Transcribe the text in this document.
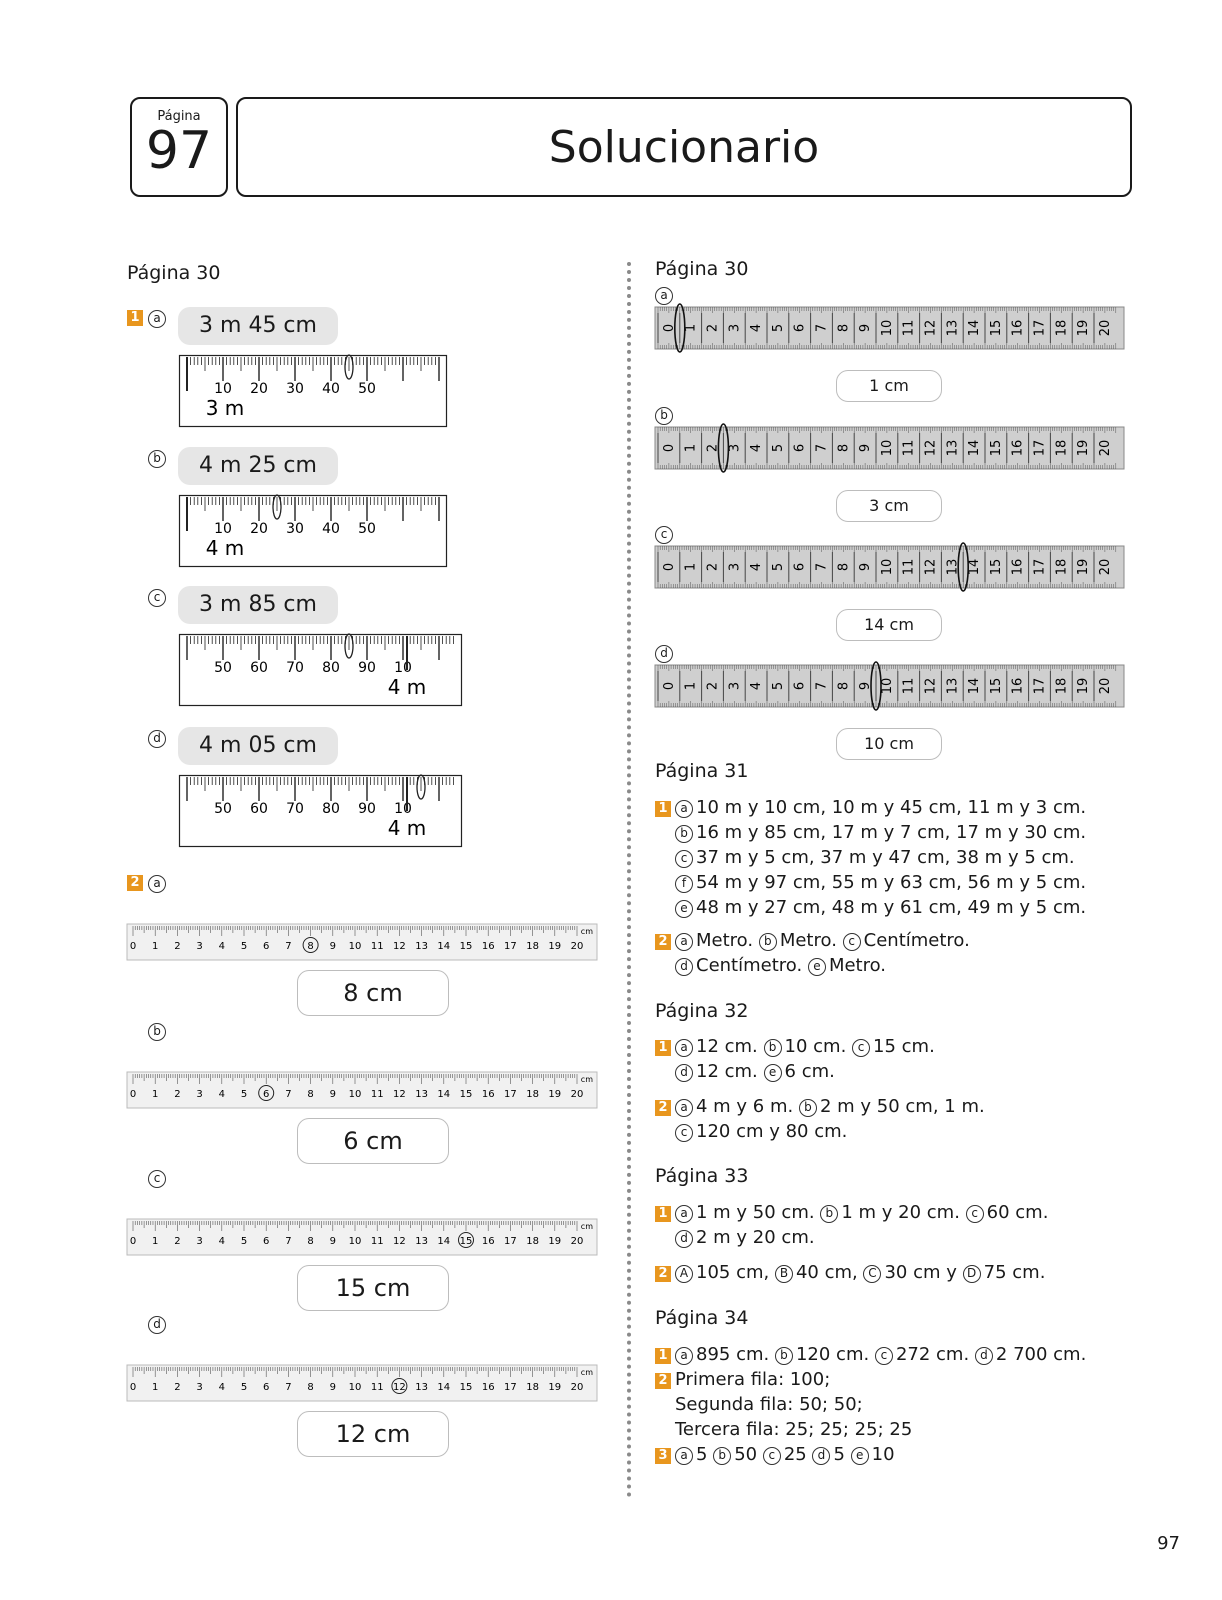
Página
97	Solucionario
Página 30
1	a	3 m 45 cm
10 20 30 40 50
3 m
b	4 m 25 cm
10 20 30 40 50
4 m
c	3 m 85 cm
50 60 70 80 90 10
4 m
d	4 m 05 cm
50 60 70 80 90 10
4 m
2	a
0 1 2 3 4 5 6 7 8 9 10 11 12 13 14 15 16 17 18 19 20
cm
8 cm
b
0 1 2 3 4 5 6 7 8 9 10 11 12 13 14 15 16 17 18 19 20
cm
6 cm
c
0 1 2 3 4 5 6 7 8 9 10 11 12 13 14 15 16 17 18 19 20
cm
15 cm
d
0 1 2 3 4 5 6 7 8 9 10 11 12 13 14 15 16 17 18 19 20
cm
12 cm
Página 30
a
0 1 2 3 4 5 6 7 8 9 10 11 12 13 14 15 16 17 18 19 20
1 cm
b
0 1 2 3 4 5 6 7 8 9 10 11 12 13 14 15 16 17 18 19 20
3 cm
c
0 1 2 3 4 5 6 7 8 9 10 11 12 13 14 15 16 17 18 19 20
14 cm
d
0 1 2 3 4 5 6 7 8 9 10 11 12 13 14 15 16 17 18 19 20
10 cm
Página 31
1 a 10 m y 10 cm, 10 m y 45 cm, 11 m y 3 cm.
b 16 m y 85 cm, 17 m y 7 cm, 17 m y 30 cm.
c 37 m y 5 cm, 37 m y 47 cm, 38 m y 5 cm.
f 54 m y 97 cm, 55 m y 63 cm, 56 m y 5 cm.
e 48 m y 27 cm, 48 m y 61 cm, 49 m y 5 cm.
2 a Metro. b Metro. c Centímetro.
d Centímetro. e Metro.
Página 32
1 a 12 cm. b 10 cm. c 15 cm.
d 12 cm. e 6 cm.
2 a 4 m y 6 m. b 2 m y 50 cm, 1 m.
c 120 cm y 80 cm.
Página 33
1 a 1 m y 50 cm. b 1 m y 20 cm. c 60 cm.
d 2 m y 20 cm.
2 A 105 cm, B 40 cm, C 30 cm y D 75 cm.
Página 34
1 a 895 cm. b 120 cm. c 272 cm. d 2 700 cm.
2 Primera fila: 100;
Segunda fila: 50; 50;
Tercera fila: 25; 25; 25; 25
3 a 5 b 50 c 25 d 5 e 10
97
